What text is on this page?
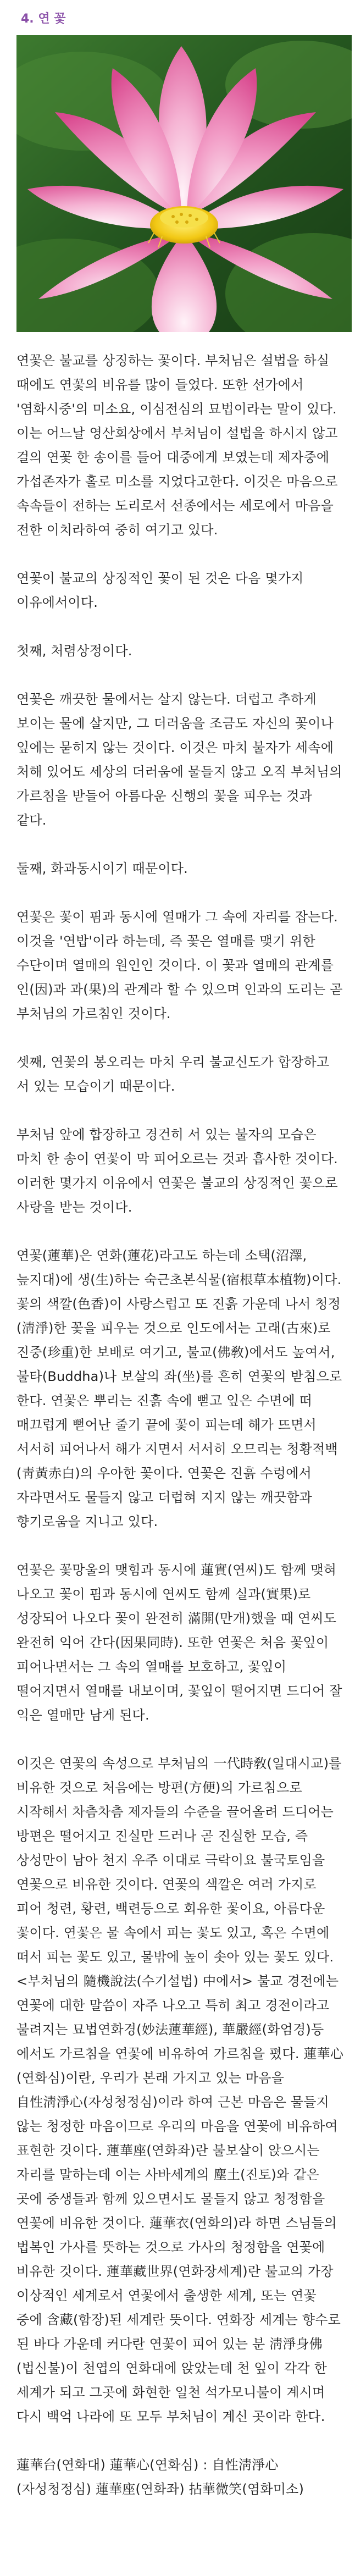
4. 연 꽃

연꽃은 불교를 상징하는 꽃이다. 부처님은 설법을 하실 때에도 연꽃의 비유를 많이 들었다. 또한 선가에서 '염화시중'의 미소요, 이심전심의 묘법이라는 말이 있다. 이는 어느날 영산회상에서 부처님이 설법을 하시지 않고 걸의 연꽃 한 송이를 들어 대중에게 보였는데 제자중에 가섭존자가 홀로 미소를 지었다고한다. 이것은 마음으로 속속들이 전하는 도리로서 선종에서는 세로에서 마음을 전한 이치라하여 중히 여기고 있다.

연꽃이 불교의 상징적인 꽃이 된 것은 다음 몇가지 이유에서이다.

첫째, 처렴상정이다.

연꽃은 깨끗한 물에서는 살지 않는다. 더럽고 추하게 보이는 물에 살지만, 그 더러움을 조금도 자신의 꽃이나 잎에는 묻히지 않는 것이다. 이것은 마치 불자가 세속에 처해 있어도 세상의 더러움에 물들지 않고 오직 부처님의 가르침을 받들어 아름다운 신행의 꽃을 피우는 것과 같다.

둘째, 화과동시이기 때문이다.

연꽃은 꽃이 핌과 동시에 열매가 그 속에 자리를 잡는다. 이것을 '연밥'이라 하는데, 즉 꽃은 열매를 맺기 위한 수단이며 열매의 원인인 것이다. 이 꽃과 열매의 관계를 인(因)과 과(果)의 관계라 할 수 있으며 인과의 도리는 곧 부처님의 가르침인 것이다.

셋째, 연꽃의 봉오리는 마치 우리 불교신도가 합장하고 서 있는 모습이기 때문이다.

부처님 앞에 합장하고 경건히 서 있는 불자의 모습은 마치 한 송이 연꽃이 막 피어오르는 것과 흡사한 것이다. 이러한 몇가지 이유에서 연꽃은 불교의 상징적인 꽃으로 사랑을 받는 것이다.

연꽃(蓮華)은 연화(蓮花)라고도 하는데 소택(沼澤, 늪지대)에 생(生)하는 숙근초본식물(宿根草本植物)이다. 꽃의 색깔(色香)이 사랑스럽고 또 진흙 가운데 나서 청정(淸淨)한 꽃을 피우는 것으로 인도에서는 고래(古來)로 진중(珍重)한 보배로 여기고, 불교(佛敎)에서도 높여서, 불타(Buddha)나 보살의 좌(坐)를 흔히 연꽃의 받침으로 한다. 연꽃은 뿌리는 진흙 속에 뻗고 잎은 수면에 떠 매끄럽게 뻗어난 줄기 끝에 꽃이 피는데 해가 뜨면서 서서히 피어나서 해가 지면서 서서히 오므리는 청황적백(靑黃赤白)의 우아한 꽃이다. 연꽃은 진흙 수렁에서 자라면서도 물들지 않고 더럽혀 지지 않는 깨끗함과 향기로움을 지니고 있다.

연꽃은 꽃망울의 맺힘과 동시에 蓮實(연씨)도 함께 맺혀 나오고 꽃이 핌과 동시에 연씨도 함께 실과(實果)로 성장되어 나오다 꽃이 완전히 滿開(만개)했을 때 연씨도 완전히 익어 간다(因果同時). 또한 연꽃은 처음 꽃잎이 피어나면서는 그 속의 열매를 보호하고, 꽃잎이 떨어지면서 열매를 내보이며, 꽃잎이 떨어지면 드디어 잘 익은 열매만 남게 된다.

이것은 연꽃의 속성으로 부처님의 一代時敎(일대시교)를 비유한 것으로 처음에는 방편(方便)의 가르침으로 시작해서 차츰차츰 제자들의 수준을 끌어올려 드디어는 방편은 떨어지고 진실만 드러나 곧 진실한 모습, 즉 상성만이 남아 천지 우주 이대로 극락이요 불국토임을 연꽃으로 비유한 것이다. 연꽃의 색깔은 여러 가지로 피어 청련, 황련, 백련등으로 회유한 꽃이요, 아름다운 꽃이다. 연꽃은 물 속에서 피는 꽃도 있고, 혹은 수면에 떠서 피는 꽃도 있고, 물밖에 높이 솟아 있는 꽃도 있다. <부처님의 隨機說法(수기설법) 中에서> 불교 경전에는 연꽃에 대한 말씀이 자주 나오고 특히 최고 경전이라고 불려지는 묘법연화경(妙法蓮華經), 華嚴經(화엄경)등 에서도 가르침을 연꽃에 비유하여 가르침을 폈다. 蓮華心(연화심)이란, 우리가 본래 가지고 있는 마음을 自性淸淨心(자성청정심)이라 하여 근본 마음은 물들지 않는 청정한 마음이므로 우리의 마음을 연꽃에 비유하여 표현한 것이다. 蓮華座(연화좌)란 불보살이 앉으시는 자리를 말하는데 이는 사바세계의 塵土(진토)와 같은 곳에 중생들과 함께 있으면서도 물들지 않고 청정함을 연꽃에 비유한 것이다. 蓮華衣(연화의)라 하면 스님들의 법복인 가사를 뜻하는 것으로 가사의 청정함을 연꽃에 비유한 것이다. 蓮華藏世界(연화장세계)란 불교의 가장 이상적인 세계로서 연꽃에서 출생한 세계, 또는 연꽃 중에 含藏(함장)된 세계란 뜻이다. 연화장 세계는 향수로 된 바다 가운데 커다란 연꽃이 피어 있는 분 淸淨身佛(법신불)이 천엽의 연화대에 앉았는데 천 잎이 각각 한 세계가 되고 그곳에 화현한 일천 석가모니불이 계시며 다시 백억 나라에 또 모두 부처님이 계신 곳이라 한다.

蓮華台(연화대) 蓮華心(연화심) : 自性淸淨心(자성청정심) 蓮華座(연화좌) 拈華微笑(염화미소)
